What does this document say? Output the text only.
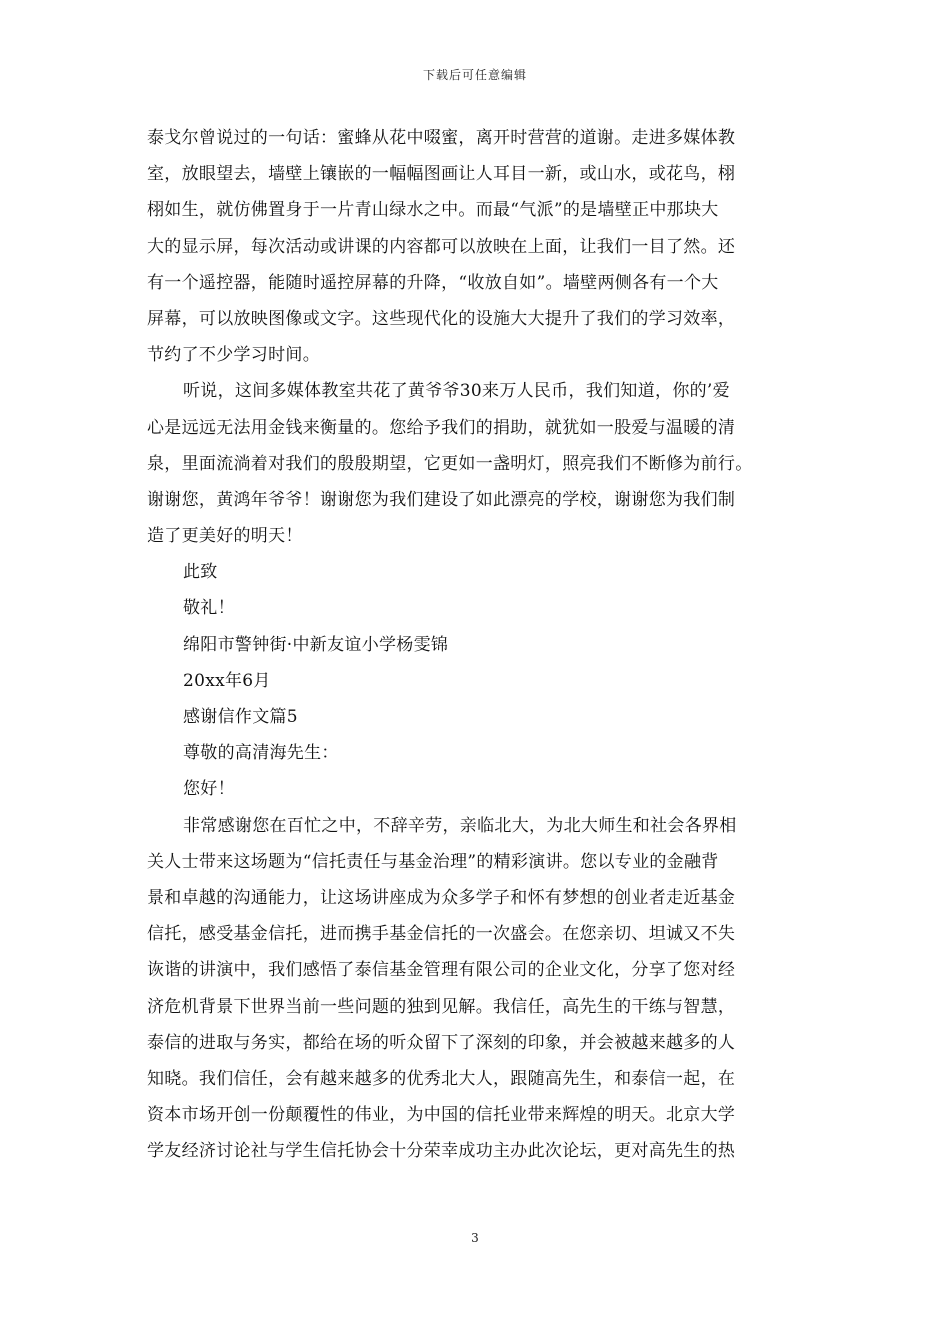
下载后可任意编辑
泰戈尔曾说过的一句话：蜜蜂从花中啜蜜，离开时营营的道谢。走进多媒体教
室，放眼望去，墙壁上镶嵌的一幅幅图画让人耳目一新，或山水，或花鸟，栩
栩如生，就仿佛置身于一片青山绿水之中。而最“气派”的是墙壁正中那块大
大的显示屏，每次活动或讲课的内容都可以放映在上面，让我们一目了然。还
有一个遥控器，能随时遥控屏幕的升降，“收放自如”。墙壁两侧各有一个大
屏幕，可以放映图像或文字。这些现代化的设施大大提升了我们的学习效率，
节约了不少学习时间。
听说，这间多媒体教室共花了黄爷爷30来万人民币，我们知道，你的’爱
心是远远无法用金钱来衡量的。您给予我们的捐助，就犹如一股爱与温暖的清
泉，里面流淌着对我们的殷殷期望，它更如一盏明灯，照亮我们不断修为前行。
谢谢您，黄鸿年爷爷！谢谢您为我们建设了如此漂亮的学校，谢谢您为我们制
造了更美好的明天！
此致
敬礼！
绵阳市警钟街·中新友谊小学杨雯锦
20xx年6月
感谢信作文篇5
尊敬的高清海先生：
您好！
非常感谢您在百忙之中，不辞辛劳，亲临北大，为北大师生和社会各界相
关人士带来这场题为“信托责任与基金治理”的精彩演讲。您以专业的金融背
景和卓越的沟通能力，让这场讲座成为众多学子和怀有梦想的创业者走近基金
信托，感受基金信托，进而携手基金信托的一次盛会。在您亲切、坦诚又不失
诙谐的讲演中，我们感悟了泰信基金管理有限公司的企业文化，分享了您对经
济危机背景下世界当前一些问题的独到见解。我信任，高先生的干练与智慧，
泰信的进取与务实，都给在场的听众留下了深刻的印象，并会被越来越多的人
知晓。我们信任，会有越来越多的优秀北大人，跟随高先生，和泰信一起，在
资本市场开创一份颠覆性的伟业，为中国的信托业带来辉煌的明天。北京大学
学友经济讨论社与学生信托协会十分荣幸成功主办此次论坛，更对高先生的热
3
